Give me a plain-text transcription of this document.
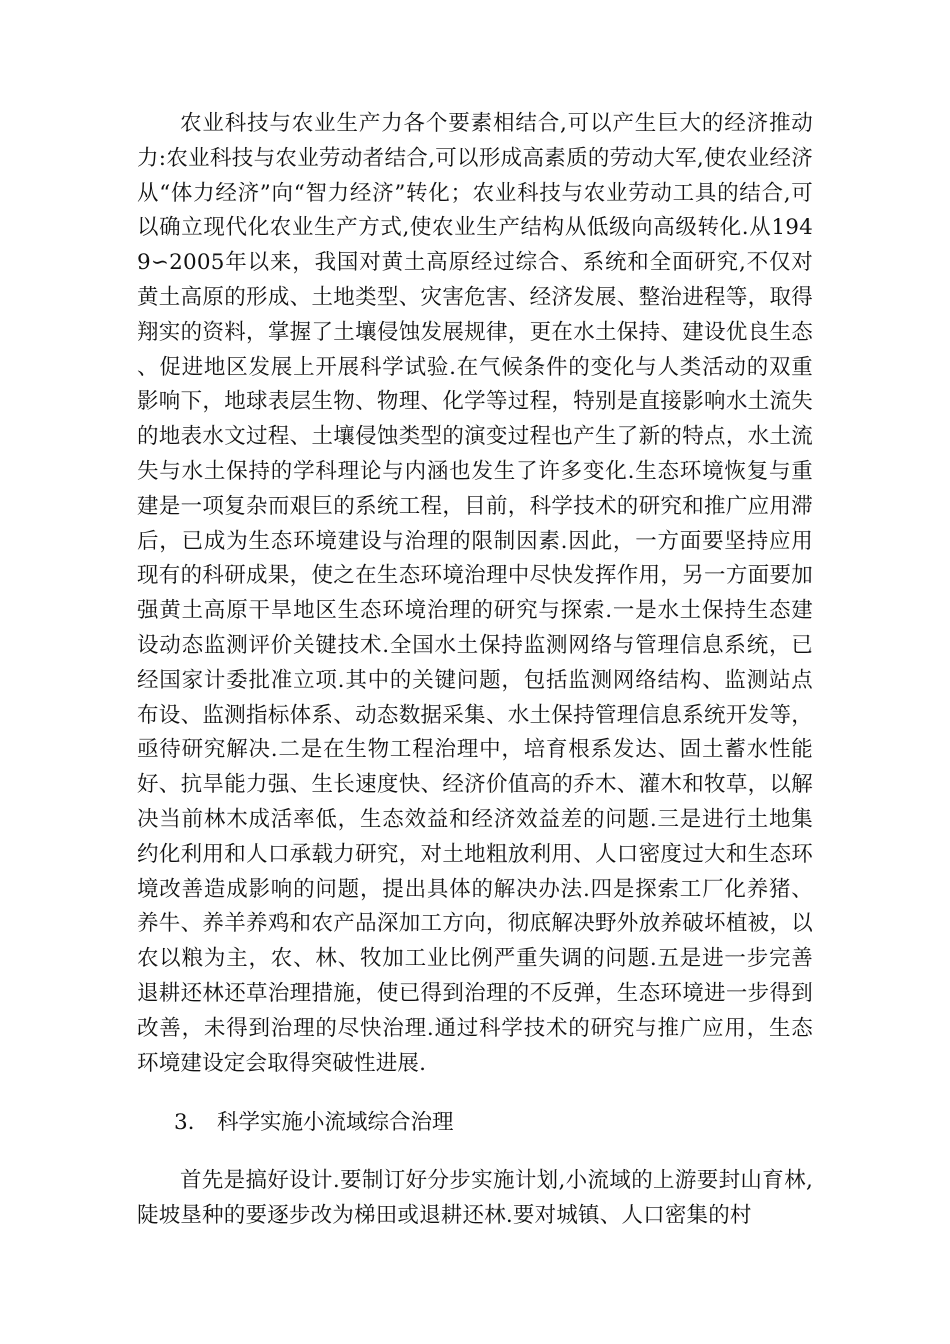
农业科技与农业生产力各个要素相结合,可以产生巨大的经济推动力:农业科技与农业劳动者结合,可以形成高素质的劳动大军,使农业经济从“体力经济”向“智力经济”转化；农业科技与农业劳动工具的结合,可以确立现代化农业生产方式,使农业生产结构从低级向高级转化.从1949∽2005年以来，我国对黄土高原经过综合、系统和全面研究,不仅对黄土高原的形成、土地类型、灾害危害、经济发展、整治进程等，取得翔实的资料，掌握了土壤侵蚀发展规律，更在水土保持、建设优良生态、促进地区发展上开展科学试验.在气候条件的变化与人类活动的双重影响下，地球表层生物、物理、化学等过程，特别是直接影响水土流失的地表水文过程、土壤侵蚀类型的演变过程也产生了新的特点，水土流失与水土保持的学科理论与内涵也发生了许多变化.生态环境恢复与重建是一项复杂而艰巨的系统工程，目前，科学技术的研究和推广应用滞后，已成为生态环境建设与治理的限制因素.因此，一方面要坚持应用现有的科研成果，使之在生态环境治理中尽快发挥作用，另一方面要加强黄土高原干旱地区生态环境治理的研究与探索.一是水土保持生态建设动态监测评价关键技术.全国水土保持监测网络与管理信息系统，已经国家计委批准立项.其中的关键问题，包括监测网络结构、监测站点布设、监测指标体系、动态数据采集、水土保持管理信息系统开发等，亟待研究解决.二是在生物工程治理中，培育根系发达、固土蓄水性能好、抗旱能力强、生长速度快、经济价值高的乔木、灌木和牧草，以解决当前林木成活率低，生态效益和经济效益差的问题.三是进行土地集约化利用和人口承载力研究，对土地粗放利用、人口密度过大和生态环境改善造成影响的问题，提出具体的解决办法.四是探索工厂化养猪、养牛、养羊养鸡和农产品深加工方向，彻底解决野外放养破坏植被，以农以粮为主，农、林、牧加工业比例严重失调的问题.五是进一步完善退耕还林还草治理措施，使已得到治理的不反弹，生态环境进一步得到改善，未得到治理的尽快治理.通过科学技术的研究与推广应用，生态环境建设定会取得突破性进展.

3. 科学实施小流域综合治理

首先是搞好设计.要制订好分步实施计划,小流域的上游要封山育林,陡坡垦种的要逐步改为梯田或退耕还林.要对城镇、人口密集的村
